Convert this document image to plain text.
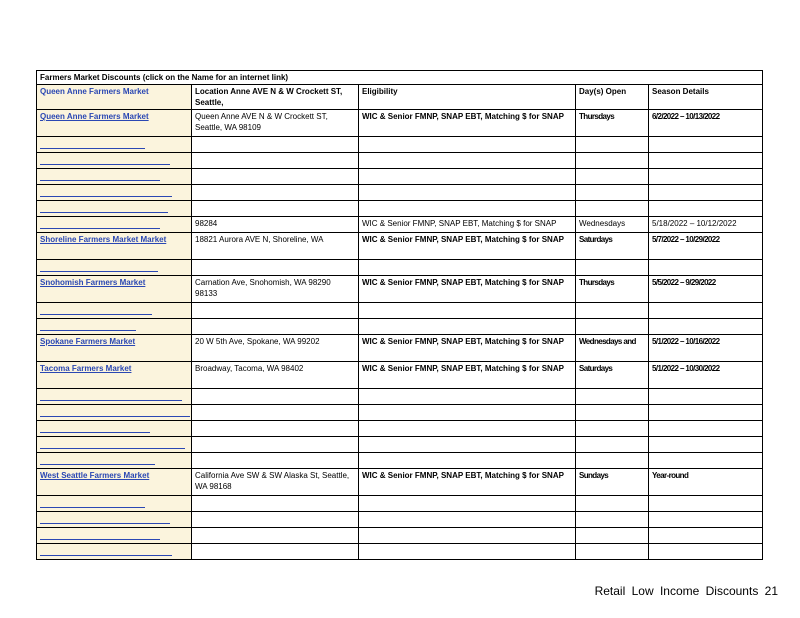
Farmers Market Discounts (click on the Name for an internet link)				
Queen Anne Farmers Market	Location Anne AVE N & W Crockett ST, Seattle,	Eligibility	Day(s) Open	Season Details
Queen Anne Farmers Market	Queen Anne AVE N & W Crockett ST, Seattle, WA 98109	WIC & Senior FMNP, SNAP EBT, Matching $ for SNAP	Thursdays	6/2/2022 – 10/13/2022

	98284	WIC & Senior FMNP, SNAP EBT, Matching $ for SNAP	Wednesdays	5/18/2022 – 10/12/2022
Shoreline Farmers Market Market	18821 Aurora AVE N, Shoreline, WA	WIC & Senior FMNP, SNAP EBT, Matching $ for SNAP	Saturdays	5/7/2022 – 10/29/2022

Snohomish Farmers Market	Carnation Ave, Snohomish, WA 98290 98133	WIC & Senior FMNP, SNAP EBT, Matching $ for SNAP	Thursdays	5/5/2022 – 9/29/2022

Spokane Farmers Market	20 W 5th Ave, Spokane, WA 99202	WIC & Senior FMNP, SNAP EBT, Matching $ for SNAP	Wednesdays and	5/1/2022 – 10/16/2022
Tacoma Farmers Market	Broadway, Tacoma, WA 98402	WIC & Senior FMNP, SNAP EBT, Matching $ for SNAP	Saturdays	5/1/2022 – 10/30/2022

West Seattle Farmers Market	California Ave SW & SW Alaska St, Seattle, WA 98168	WIC & Senior FMNP, SNAP EBT, Matching $ for SNAP	Sundays	Year-round

Retail Low Income Discounts 21
